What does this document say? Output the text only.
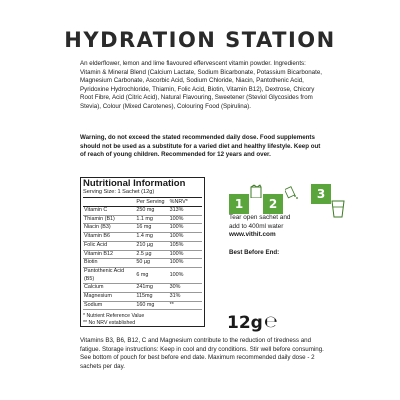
HYDRATION STATION
An elderflower, lemon and lime flavoured effervescent vitamin powder. Ingredients: Vitamin & Mineral Blend (Calcium Lactate, Sodium Bicarbonate, Potassium Bicarbonate, Magnesium Carbonate, Ascorbic Acid, Sodium Chloride, Niacin, Pantothenic Acid, Pyridoxine Hydrochloride, Thiamin, Folic Acid, Biotin, Vitamin B12), Dextrose, Chicory Root Fibre, Acid (Citric Acid), Natural Flavouring, Sweetener (Steviol Glycosides from Stevia), Colour (Mixed Carotenes), Colouring Food (Spirulina).
Warning, do not exceed the stated recommended daily dose. Food supplements should not be used as a substitute for a varied diet and healthy lifestyle. Keep out of reach of young children. Recommended for 12 years and over.
Nutritional Information
Serving Size: 1 Sachet (12g)
	Per Serving	%NRV*
Vitamin C	250 mg	313%
Thiamin (B1)	1.1 mg	100%
Niacin (B3)	16 mg	100%
Vitamin B6	1.4 mg	100%
Folic Acid	210 µg	105%
Vitamin B12	2.5 µg	100%
Biotin	50 µg	100%
Pantothenic Acid (B5)	6 mg	100%
Calcium	241mg	30%
Magnesium	115mg	31%
Sodium	160 mg	**
* Nutrient Reference Value
** No NRV established
1	2
3
Tear open sachet and
add to 400ml water
www.vithit.com
Best Before End:
12g ℮
Vitamins B3, B6, B12, C and Magnesium contribute to the reduction of tiredness and fatigue. Storage instructions: Keep in cool and dry conditions. Stir well before consuming. See bottom of pouch for best before end date. Maximum recommended daily dose - 2 sachets per day.
